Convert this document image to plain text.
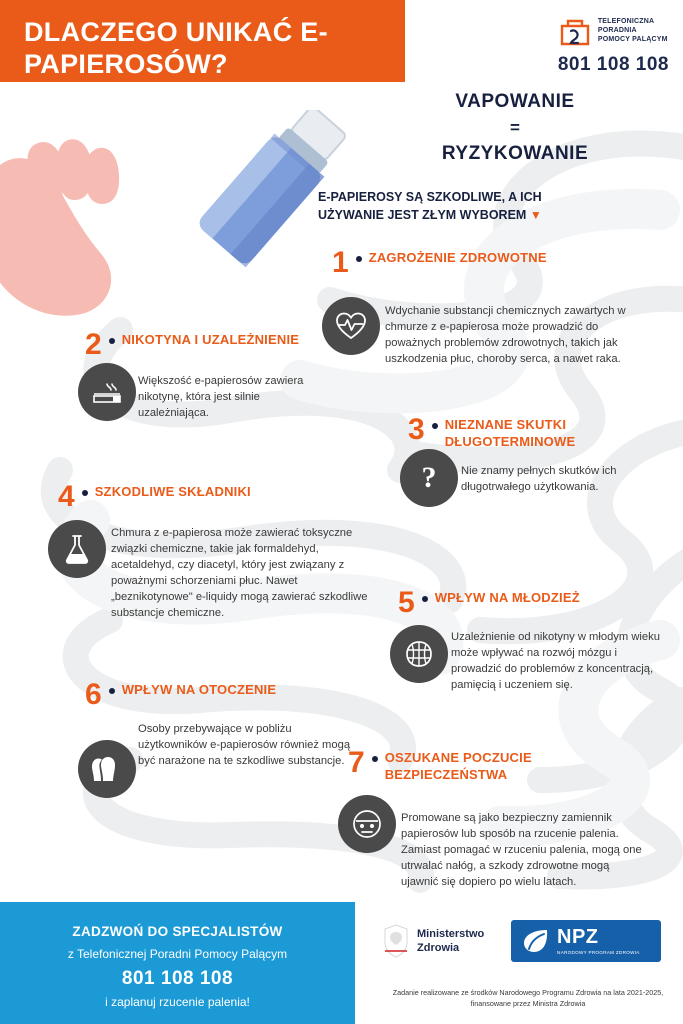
DLACZEGO UNIKAĆ E-PAPIEROSÓW?
TELEFONICZNA
PORADNIA
POMOCY PALĄCYM
801 108 108
VAPOWANIE
=
RYZYKOWANIE
E-PAPIEROSY SĄ SZKODLIWE, A ICH
UŻYWANIE JEST ZŁYM WYBOREM ▼
1 ZAGROŻENIE ZDROWOTNE
Wdychanie substancji chemicznych zawartych w chmurze z e-papierosa może prowadzić do poważnych problemów zdrowotnych, takich jak uszkodzenia płuc, choroby serca, a nawet raka.
2 NIKOTYNA I UZALEŻNIENIE
Większość e-papierosów zawiera nikotynę, która jest silnie uzależniająca.
3 NIEZNANE SKUTKI DŁUGOTERMINOWE
Nie znamy pełnych skutków ich długotrwałego użytkowania.
?
4 SZKODLIWE SKŁADNIKI
Chmura z e-papierosa może zawierać toksyczne związki chemiczne, takie jak formaldehyd, acetaldehyd, czy diacetyl, który jest związany z poważnymi schorzeniami płuc. Nawet „beznikotynowe" e-liquidy mogą zawierać szkodliwe substancje chemiczne.	5 WPŁYW NA MŁODZIEŻ
Uzależnienie od nikotyny w młodym wieku może wpływać na rozwój mózgu i prowadzić do problemów z koncentracją, pamięcią i uczeniem się.
6 WPŁYW NA OTOCZENIE
Osoby przebywające w pobliżu użytkowników e-papierosów również mogą być narażone na te szkodliwe substancje. 7 OSZUKANE POCZUCIE BEZPIECZEŃSTWA
Promowane są jako bezpieczny zamiennik papierosów lub sposób na rzucenie palenia. Zamiast pomagać w rzuceniu palenia, mogą one utrwalać nałóg, a szkody zdrowotne mogą ujawnić się dopiero po wielu latach.
ZADZWOŃ DO SPECJALISTÓW
z Telefonicznej Poradni Pomocy Palącym
801 108 108
i zaplanuj rzucenie palenia!
Ministerstwo
Zdrowia	NPZ
NARODOWY PROGRAM ZDROWIA
Zadanie realizowane ze środków Narodowego Programu Zdrowia na lata 2021-2025, finansowane przez Ministra Zdrowia
